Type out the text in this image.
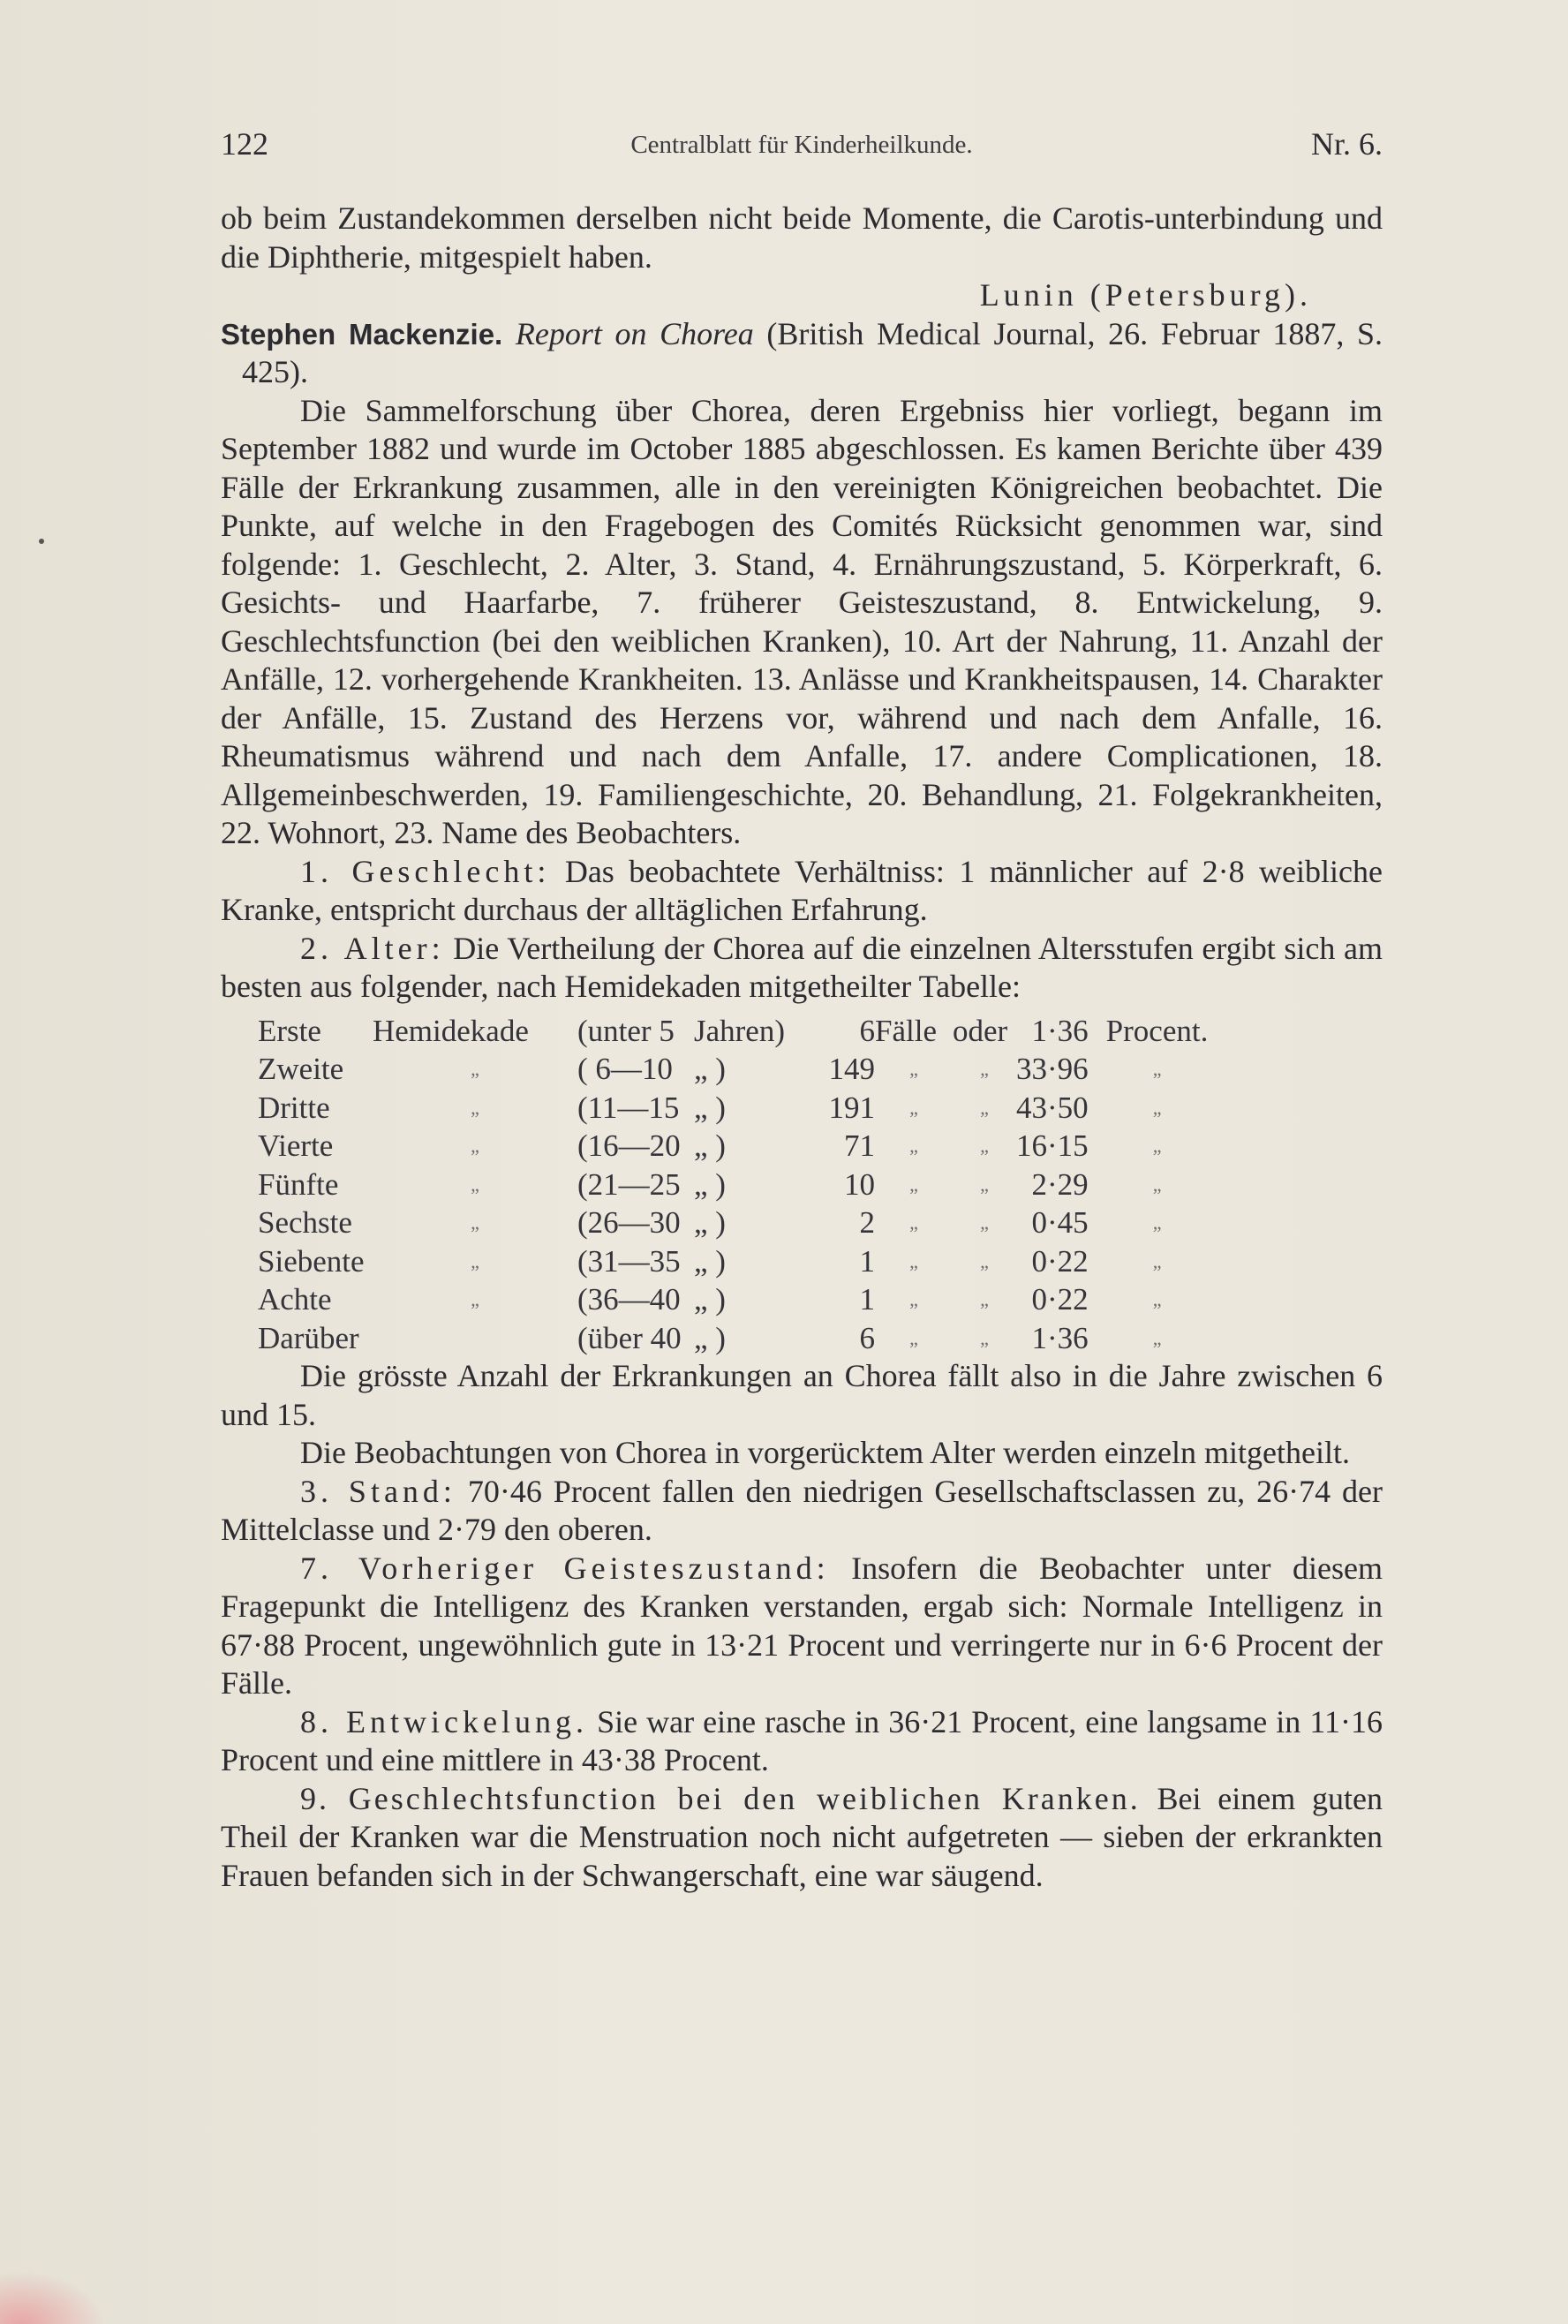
122	Centralblatt für Kinderheilkunde.	Nr. 6.

ob beim Zustandekommen derselben nicht beide Momente, die Carotis-unterbindung und die Diphtherie, mitgespielt haben.

Lunin (Petersburg).

Stephen Mackenzie. Report on Chorea (British Medical Journal, 26. Februar 1887, S. 425).

Die Sammelforschung über Chorea, deren Ergebniss hier vorliegt, begann im September 1882 und wurde im October 1885 abgeschlossen. Es kamen Berichte über 439 Fälle der Erkrankung zusammen, alle in den vereinigten Königreichen beobachtet. Die Punkte, auf welche in den Fragebogen des Comités Rücksicht genommen war, sind folgende: 1. Geschlecht, 2. Alter, 3. Stand, 4. Ernährungszustand, 5. Körperkraft, 6. Gesichts- und Haarfarbe, 7. früherer Geisteszustand, 8. Entwickelung, 9. Geschlechtsfunction (bei den weiblichen Kranken), 10. Art der Nahrung, 11. Anzahl der Anfälle, 12. vorhergehende Krankheiten. 13. Anlässe und Krankheitspausen, 14. Charakter der Anfälle, 15. Zustand des Herzens vor, während und nach dem Anfalle, 16. Rheumatismus während und nach dem Anfalle, 17. andere Complicationen, 18. Allgemeinbeschwerden, 19. Familiengeschichte, 20. Behandlung, 21. Folgekrankheiten, 22. Wohnort, 23. Name des Beobachters.

1. Geschlecht: Das beobachtete Verhältniss: 1 männlicher auf 2·8 weibliche Kranke, entspricht durchaus der alltäglichen Erfahrung.

2. Alter: Die Vertheilung der Chorea auf die einzelnen Altersstufen ergibt sich am besten aus folgender, nach Hemidekaden mitgetheilter Tabelle:

Erste	Hemidekade	(unter 5	Jahren)	6	Fälle	oder	1·36	Procent.
Zweite	„	( 6—10	„ )	149	„	„	33·96	„
Dritte	„	(11—15	„ )	191	„	„	43·50	„
Vierte	„	(16—20	„ )	71	„	„	16·15	„
Fünfte	„	(21—25	„ )	10	„	„	2·29	„
Sechste	„	(26—30	„ )	2	„	„	0·45	„
Siebente	„	(31—35	„ )	1	„	„	0·22	„
Achte	„	(36—40	„ )	1	„	„	0·22	„
Darüber		(über 40	„ )	6	„	„	1·36	„

Die grösste Anzahl der Erkrankungen an Chorea fällt also in die Jahre zwischen 6 und 15.

Die Beobachtungen von Chorea in vorgerücktem Alter werden einzeln mitgetheilt.

3. Stand: 70·46 Procent fallen den niedrigen Gesellschaftsclassen zu, 26·74 der Mittelclasse und 2·79 den oberen.

7. Vorheriger Geisteszustand: Insofern die Beobachter unter diesem Fragepunkt die Intelligenz des Kranken verstanden, ergab sich: Normale Intelligenz in 67·88 Procent, ungewöhnlich gute in 13·21 Procent und verringerte nur in 6·6 Procent der Fälle.

8. Entwickelung. Sie war eine rasche in 36·21 Procent, eine langsame in 11·16 Procent und eine mittlere in 43·38 Procent.

9. Geschlechtsfunction bei den weiblichen Kranken. Bei einem guten Theil der Kranken war die Menstruation noch nicht aufgetreten — sieben der erkrankten Frauen befanden sich in der Schwangerschaft, eine war säugend.
